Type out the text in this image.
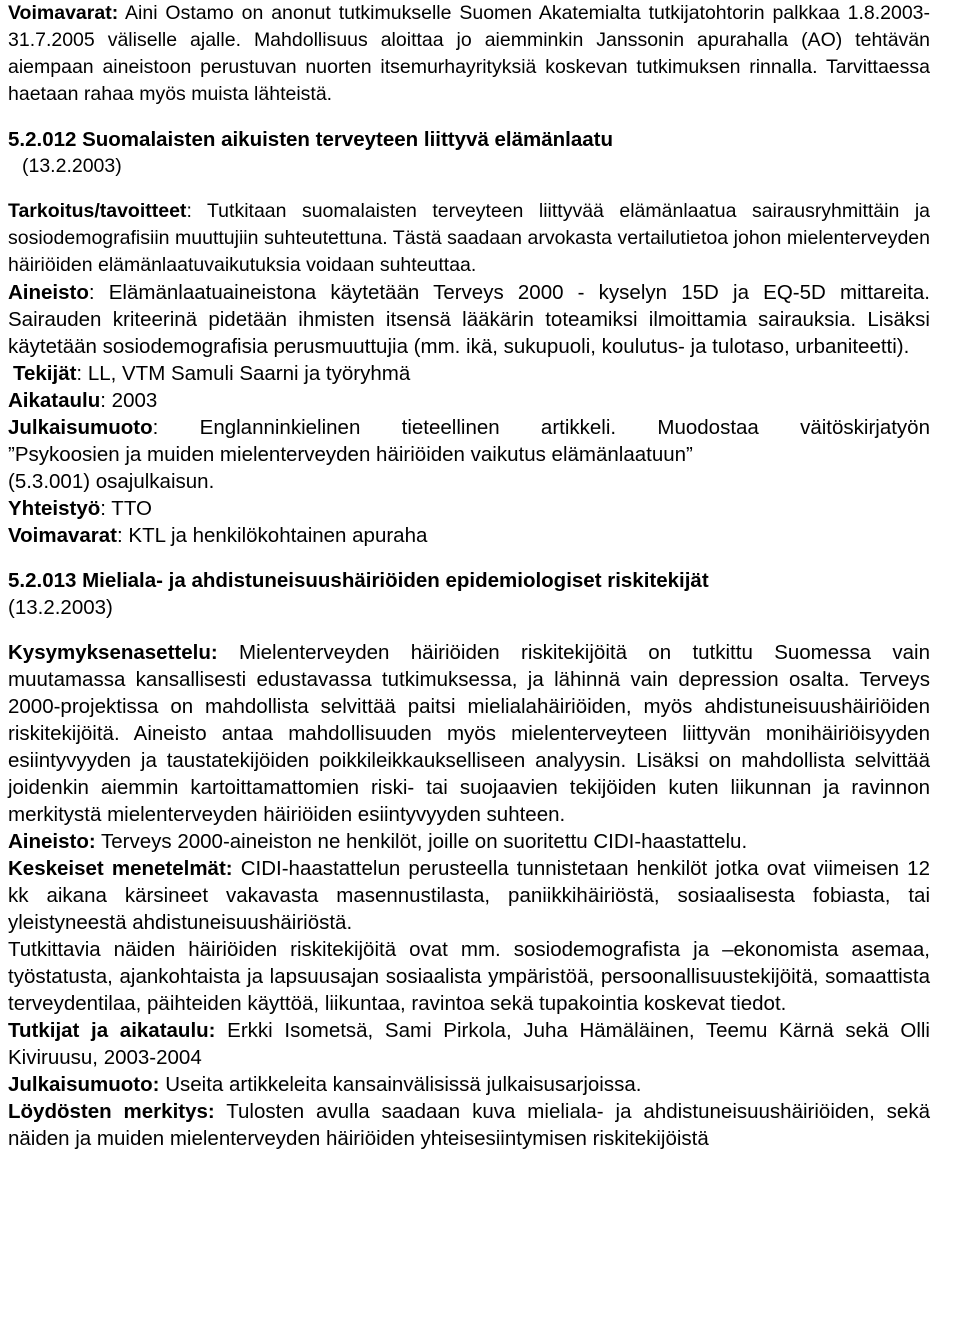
Voimavarat: Aini Ostamo on anonut tutkimukselle Suomen Akatemialta tutkijatohtorin palkkaa 1.8.2003-31.7.2005 väliselle ajalle. Mahdollisuus aloittaa jo aiemminkin Janssonin apurahalla (AO) tehtävän aiempaan aineistoon perustuvan nuorten itsemurhayrityksiä koskevan tutkimuksen rinnalla. Tarvittaessa haetaan rahaa myös muista lähteistä.

5.2.012 Suomalaisten aikuisten terveyteen liittyvä elämänlaatu

(13.2.2003)

Tarkoitus/tavoitteet: Tutkitaan suomalaisten terveyteen liittyvää elämänlaatua sairausryhmittäin ja sosiodemografisiin muuttujiin suhteutettuna. Tästä saadaan arvokasta vertailutietoa johon mielenterveyden häiriöiden elämänlaatuvaikutuksia voidaan suhteuttaa.

Aineisto: Elämänlaatuaineistona käytetään Terveys 2000 - kyselyn 15D ja EQ-5D mittareita. Sairauden kriteerinä pidetään ihmisten itsensä lääkärin toteamiksi ilmoittamia sairauksia. Lisäksi käytetään sosiodemografisia perusmuuttujia (mm. ikä, sukupuoli, koulutus- ja tulotaso, urbaniteetti).

Tekijät: LL, VTM Samuli Saarni ja työryhmä

Aikataulu: 2003

Julkaisumuoto: Englanninkielinen tieteellinen artikkeli. Muodostaa väitöskirjatyön

”Psykoosien ja muiden mielenterveyden häiriöiden vaikutus elämänlaatuun”

(5.3.001) osajulkaisun.

Yhteistyö: TTO

Voimavarat: KTL ja henkilökohtainen apuraha

5.2.013 Mieliala- ja ahdistuneisuushäiriöiden epidemiologiset riskitekijät

(13.2.2003)

Kysymyksenasettelu: Mielenterveyden häiriöiden riskitekijöitä on tutkittu Suomessa vain muutamassa kansallisesti edustavassa tutkimuksessa, ja lähinnä vain depression osalta. Terveys 2000-projektissa on mahdollista selvittää paitsi mielialahäiriöiden, myös ahdistuneisuushäiriöiden riskitekijöitä. Aineisto antaa mahdollisuuden myös mielenterveyteen liittyvän monihäiriöisyyden esiintyvyyden ja taustatekijöiden poikkileikkaukselliseen analyysin. Lisäksi on mahdollista selvittää joidenkin aiemmin kartoittamattomien riski- tai suojaavien tekijöiden kuten liikunnan ja ravinnon merkitystä mielenterveyden häiriöiden esiintyvyyden suhteen.

Aineisto: Terveys 2000-aineiston ne henkilöt, joille on suoritettu CIDI-haastattelu.

Keskeiset menetelmät: CIDI-haastattelun perusteella tunnistetaan henkilöt jotka ovat viimeisen 12 kk aikana kärsineet vakavasta masennustilasta, paniikkihäiriöstä, sosiaalisesta fobiasta, tai yleistyneestä ahdistuneisuushäiriöstä.

Tutkittavia näiden häiriöiden riskitekijöitä ovat mm. sosiodemografista ja –ekonomista asemaa, työstatusta, ajankohtaista ja lapsuusajan sosiaalista ympäristöä, persoonallisuustekijöitä, somaattista terveydentilaa, päihteiden käyttöä, liikuntaa, ravintoa sekä tupakointia koskevat tiedot.

Tutkijat ja aikataulu: Erkki Isometsä, Sami Pirkola, Juha Hämäläinen, Teemu Kärnä sekä Olli Kiviruusu, 2003-2004

Julkaisumuoto: Useita artikkeleita kansainvälisissä julkaisusarjoissa.

Löydösten merkitys: Tulosten avulla saadaan kuva mieliala- ja ahdistuneisuushäiriöiden, sekä näiden ja muiden mielenterveyden häiriöiden yhteisesiintymisen riskitekijöistä
